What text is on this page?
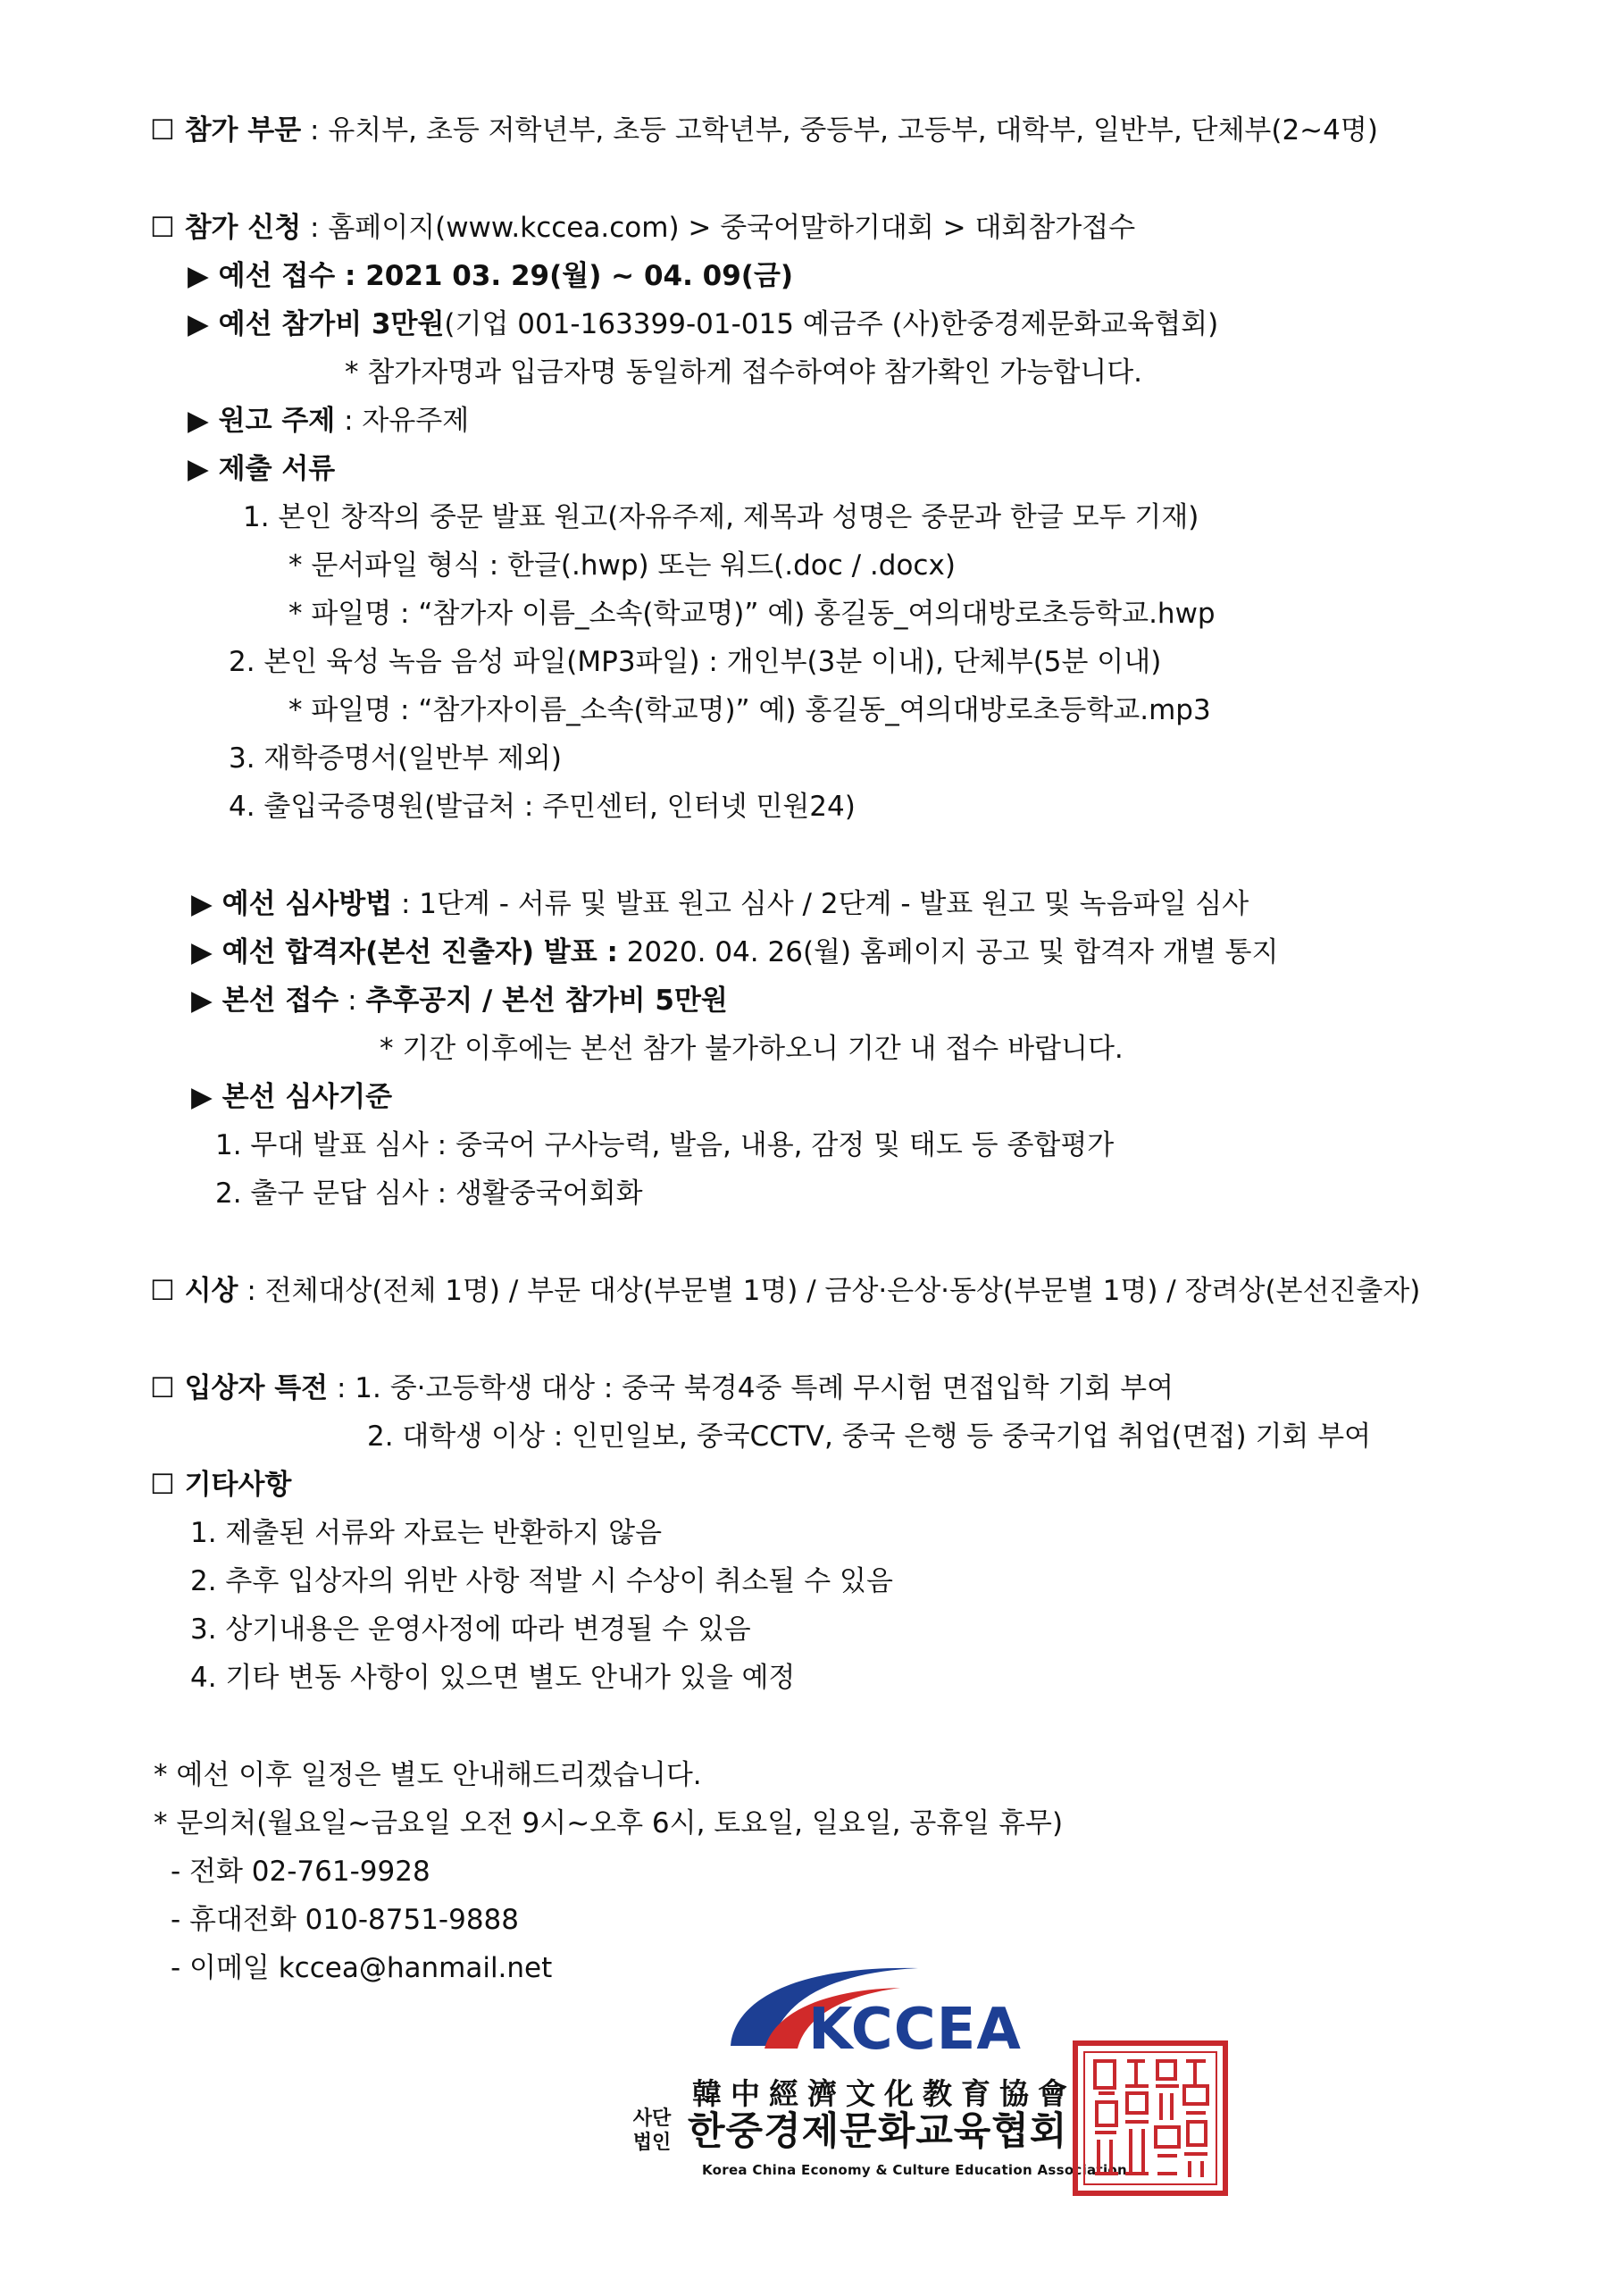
☐ 참가 부문 : 유치부, 초등 저학년부, 초등 고학년부, 중등부, 고등부, 대학부, 일반부, 단체부(2~4명)
☐ 참가 신청 : 홈페이지(www.kccea.com) > 중국어말하기대회 > 대회참가접수
▶ 예선 접수 : 2021 03. 29(월) ~ 04. 09(금)
▶ 예선 참가비 3만원(기업 001-163399-01-015 예금주 (사)한중경제문화교육협회)
* 참가자명과 입금자명 동일하게 접수하여야 참가확인 가능합니다.
▶ 원고 주제 : 자유주제
▶ 제출 서류
1. 본인 창작의 중문 발표 원고(자유주제, 제목과 성명은 중문과 한글 모두 기재)
* 문서파일 형식 : 한글(.hwp) 또는 워드(.doc / .docx)
* 파일명 : “참가자 이름_소속(학교명)” 예) 홍길동_여의대방로초등학교.hwp
2. 본인 육성 녹음 음성 파일(MP3파일) : 개인부(3분 이내), 단체부(5분 이내)
* 파일명 : “참가자이름_소속(학교명)” 예) 홍길동_여의대방로초등학교.mp3
3. 재학증명서(일반부 제외)
4. 출입국증명원(발급처 : 주민센터, 인터넷 민원24)
▶ 예선 심사방법 : 1단계 - 서류 및 발표 원고 심사 / 2단계 - 발표 원고 및 녹음파일 심사
▶ 예선 합격자(본선 진출자) 발표 : 2020. 04. 26(월) 홈페이지 공고 및 합격자 개별 통지
▶ 본선 접수 : 추후공지 / 본선 참가비 5만원
* 기간 이후에는 본선 참가 불가하오니 기간 내 접수 바랍니다.
▶ 본선 심사기준
1. 무대 발표 심사 : 중국어 구사능력, 발음, 내용, 감정 및 태도 등 종합평가
2. 출구 문답 심사 : 생활중국어회화
☐ 시상 : 전체대상(전체 1명) / 부문 대상(부문별 1명) / 금상·은상·동상(부문별 1명) / 장려상(본선진출자)
☐ 입상자 특전 : 1. 중·고등학생 대상 : 중국 북경4중 특례 무시험 면접입학 기회 부여
2. 대학생 이상 : 인민일보, 중국CCTV, 중국 은행 등 중국기업 취업(면접) 기회 부여
☐ 기타사항
1. 제출된 서류와 자료는 반환하지 않음
2. 추후 입상자의 위반 사항 적발 시 수상이 취소될 수 있음
3. 상기내용은 운영사정에 따라 변경될 수 있음
4. 기타 변동 사항이 있으면 별도 안내가 있을 예정
* 예선 이후 일정은 별도 안내해드리겠습니다.
* 문의처(월요일~금요일 오전 9시~오후 6시, 토요일, 일요일, 공휴일 휴무)
- 전화 02-761-9928
- 휴대전화 010-8751-9888
- 이메일 kccea@hanmail.net
KCCEA
韓中經濟文化教育協會
사단
법인 한중경제문화교육협회
Korea China Economy & Culture Education Association
